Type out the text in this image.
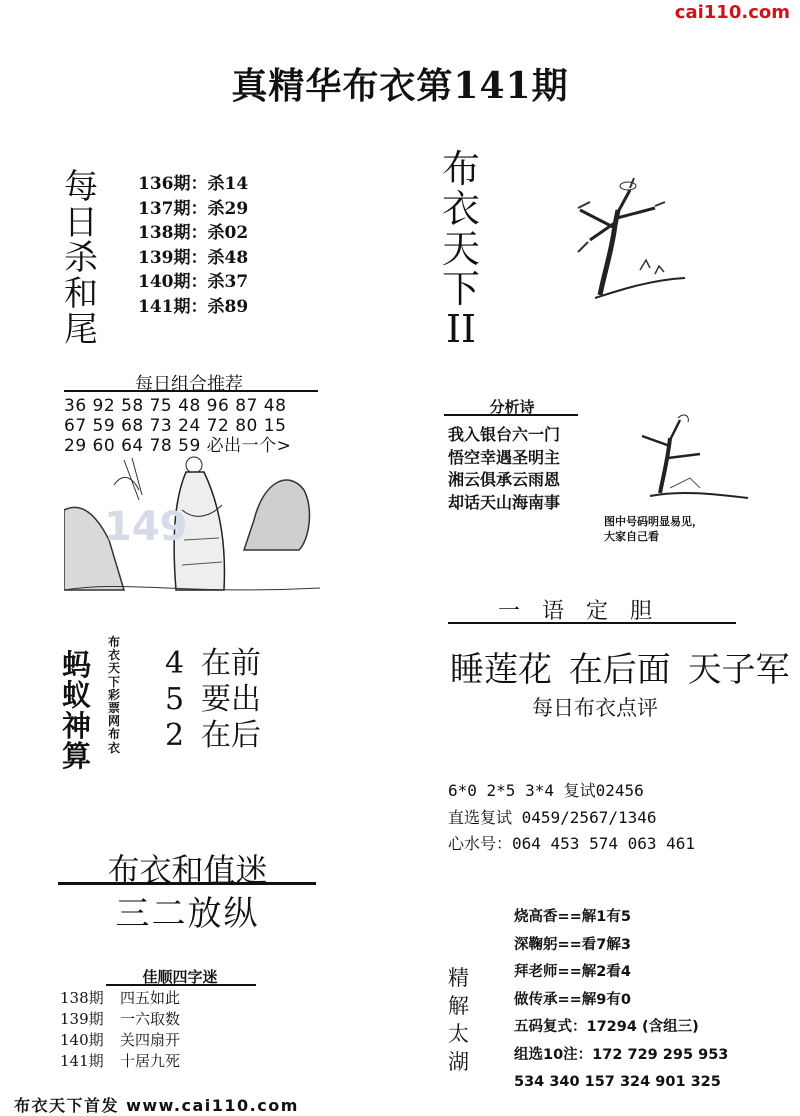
cai110.com
真精华布衣第141期
每
日
杀
和
尾
136期：杀14
137期：杀29
138期：杀02
139期：杀48
140期：杀37
141期：杀89
布
衣
天
下
II
每日组合推荐
36 92 58 75 48 96 87 48
67 59 68 73 24 72 80 15
29 60 64 78 59 必出一个>
149
蚂
蚁
神
算
布
衣
天
下
彩
票
网
布
衣
4 在前
5 要出
2 在后
分析诗
我入银台六一门
悟空幸遇圣明主
湘云俱承云雨恩
却话天山海南事
图中号码明显易见，
大家自己看
一语定胆
睡莲花 在后面 天子军
每日布衣点评
6*0 2*5 3*4 复试02456
直选复试 0459/2567/1346
心水号：064 453 574 063 461
布衣和值迷
三二放纵
佳顺四字迷
138期 四五如此
139期 一六取数
140期 关四扇开
141期 十居九死
布衣天下首发 www.cai110.com
精
解
太
湖
烧高香==解1有5
深鞠躬==看7解3
拜老师==解2看4
做传承==解9有0
五码复式：17294 (含组三)
组选10注：172 729 295 953
534 340 157 324 901 325
